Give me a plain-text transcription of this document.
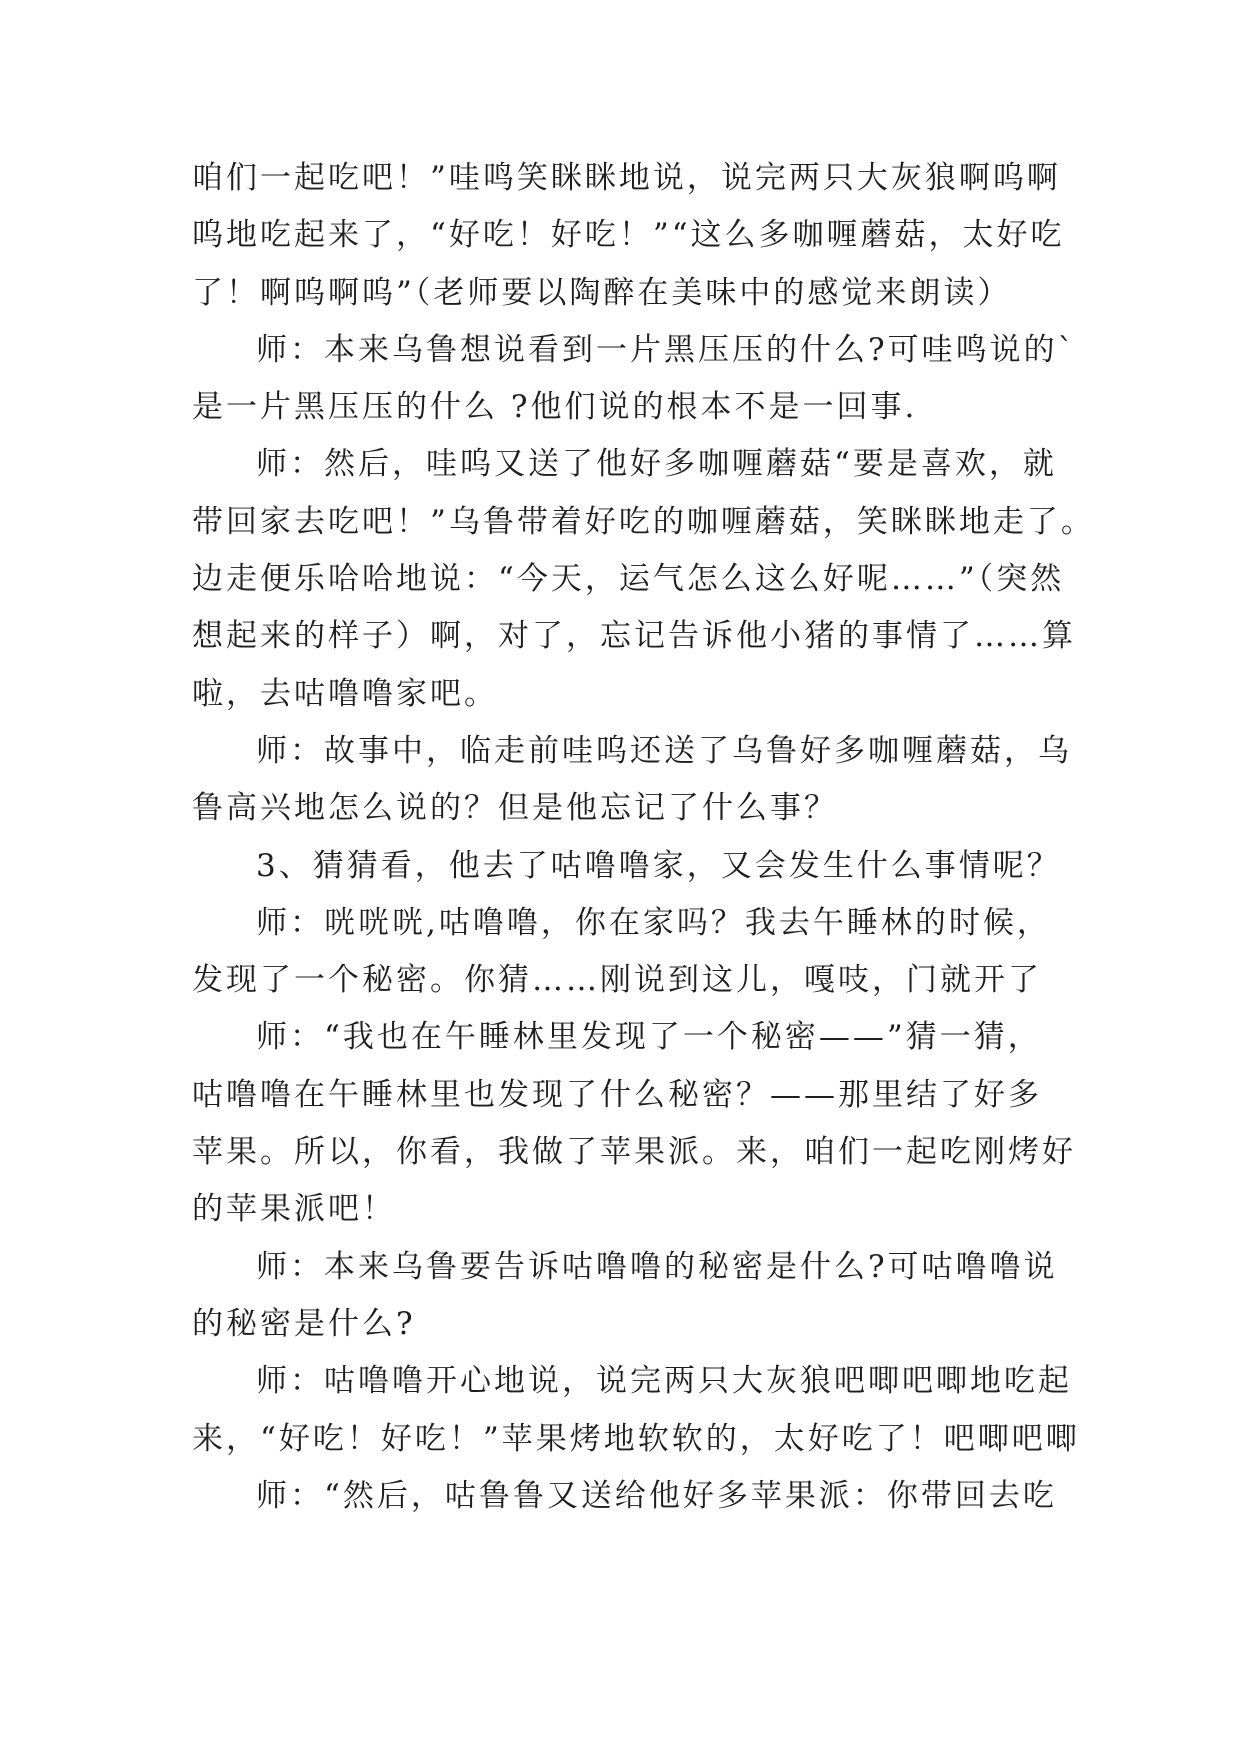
咱们一起吃吧！”哇鸣笑眯眯地说，说完两只大灰狼啊呜啊
呜地吃起来了，“好吃！好吃！”“这么多咖喱蘑菇，太好吃
了！啊呜啊呜”（老师要以陶醉在美味中的感觉来朗读）
师：本来乌鲁想说看到一片黑压压的什么?可哇鸣说的`
是一片黑压压的什么 ?他们说的根本不是一回事.
师：然后，哇呜又送了他好多咖喱蘑菇“要是喜欢，就
带回家去吃吧！”乌鲁带着好吃的咖喱蘑菇，笑眯眯地走了。
边走便乐哈哈地说：“今天，运气怎么这么好呢……”（突然
想起来的样子）啊，对了，忘记告诉他小猪的事情了……算
啦，去咕噜噜家吧。
师：故事中，临走前哇呜还送了乌鲁好多咖喱蘑菇，乌
鲁高兴地怎么说的？但是他忘记了什么事？
3、猜猜看，他去了咕噜噜家，又会发生什么事情呢？
师：咣咣咣,咕噜噜，你在家吗？我去午睡林的时候，
发现了一个秘密。你猜……刚说到这儿，嘎吱，门就开了
师：“我也在午睡林里发现了一个秘密——”猜一猜，
咕噜噜在午睡林里也发现了什么秘密？——那里结了好多
苹果。所以，你看，我做了苹果派。来，咱们一起吃刚烤好
的苹果派吧！
师：本来乌鲁要告诉咕噜噜的秘密是什么?可咕噜噜说
的秘密是什么?
师：咕噜噜开心地说，说完两只大灰狼吧唧吧唧地吃起
来，“好吃！好吃！”苹果烤地软软的，太好吃了！吧唧吧唧
师：“然后，咕鲁鲁又送给他好多苹果派：你带回去吃
